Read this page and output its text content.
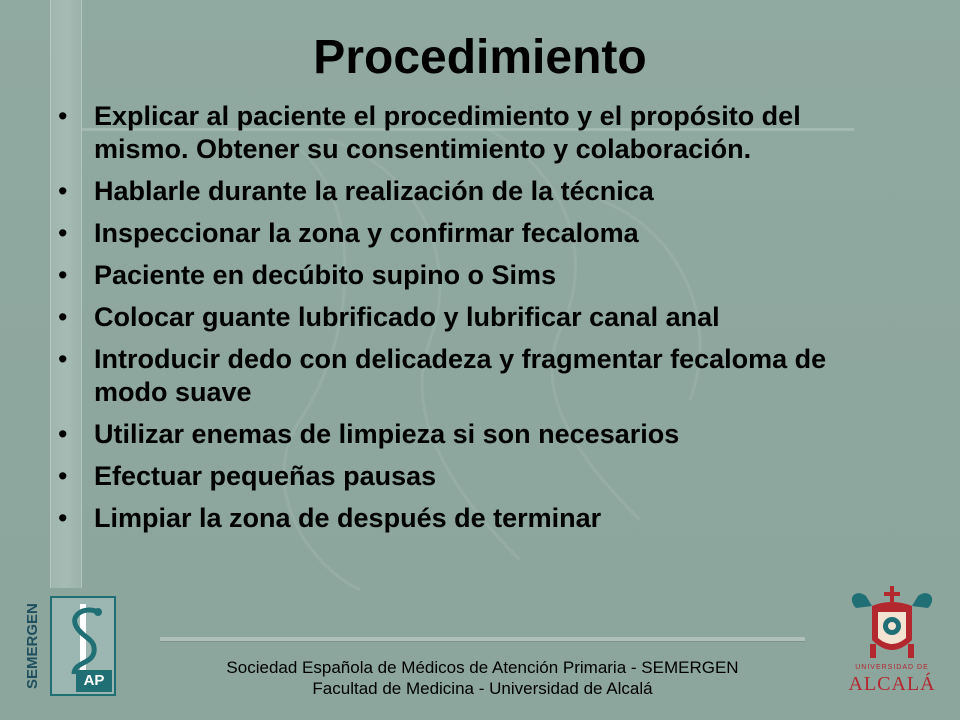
Procedimiento
• Explicar al paciente el procedimiento y el propósito del mismo. Obtener su consentimiento y colaboración.
• Hablarle durante la realización de la técnica
• Inspeccionar la zona y confirmar fecaloma
• Paciente en decúbito supino o Sims
• Colocar guante lubrificado y lubrificar canal anal
• Introducir dedo con delicadeza y fragmentar fecaloma de modo suave
• Utilizar enemas de limpieza si son necesarios
• Efectuar pequeñas pausas
• Limpiar la zona de después de terminar
Sociedad Española de Médicos de Atención Primaria - SEMERGEN
Facultad de Medicina - Universidad de Alcalá
SEMERGEN	AP
UNIVERSIDAD DE
ALCALÁ
